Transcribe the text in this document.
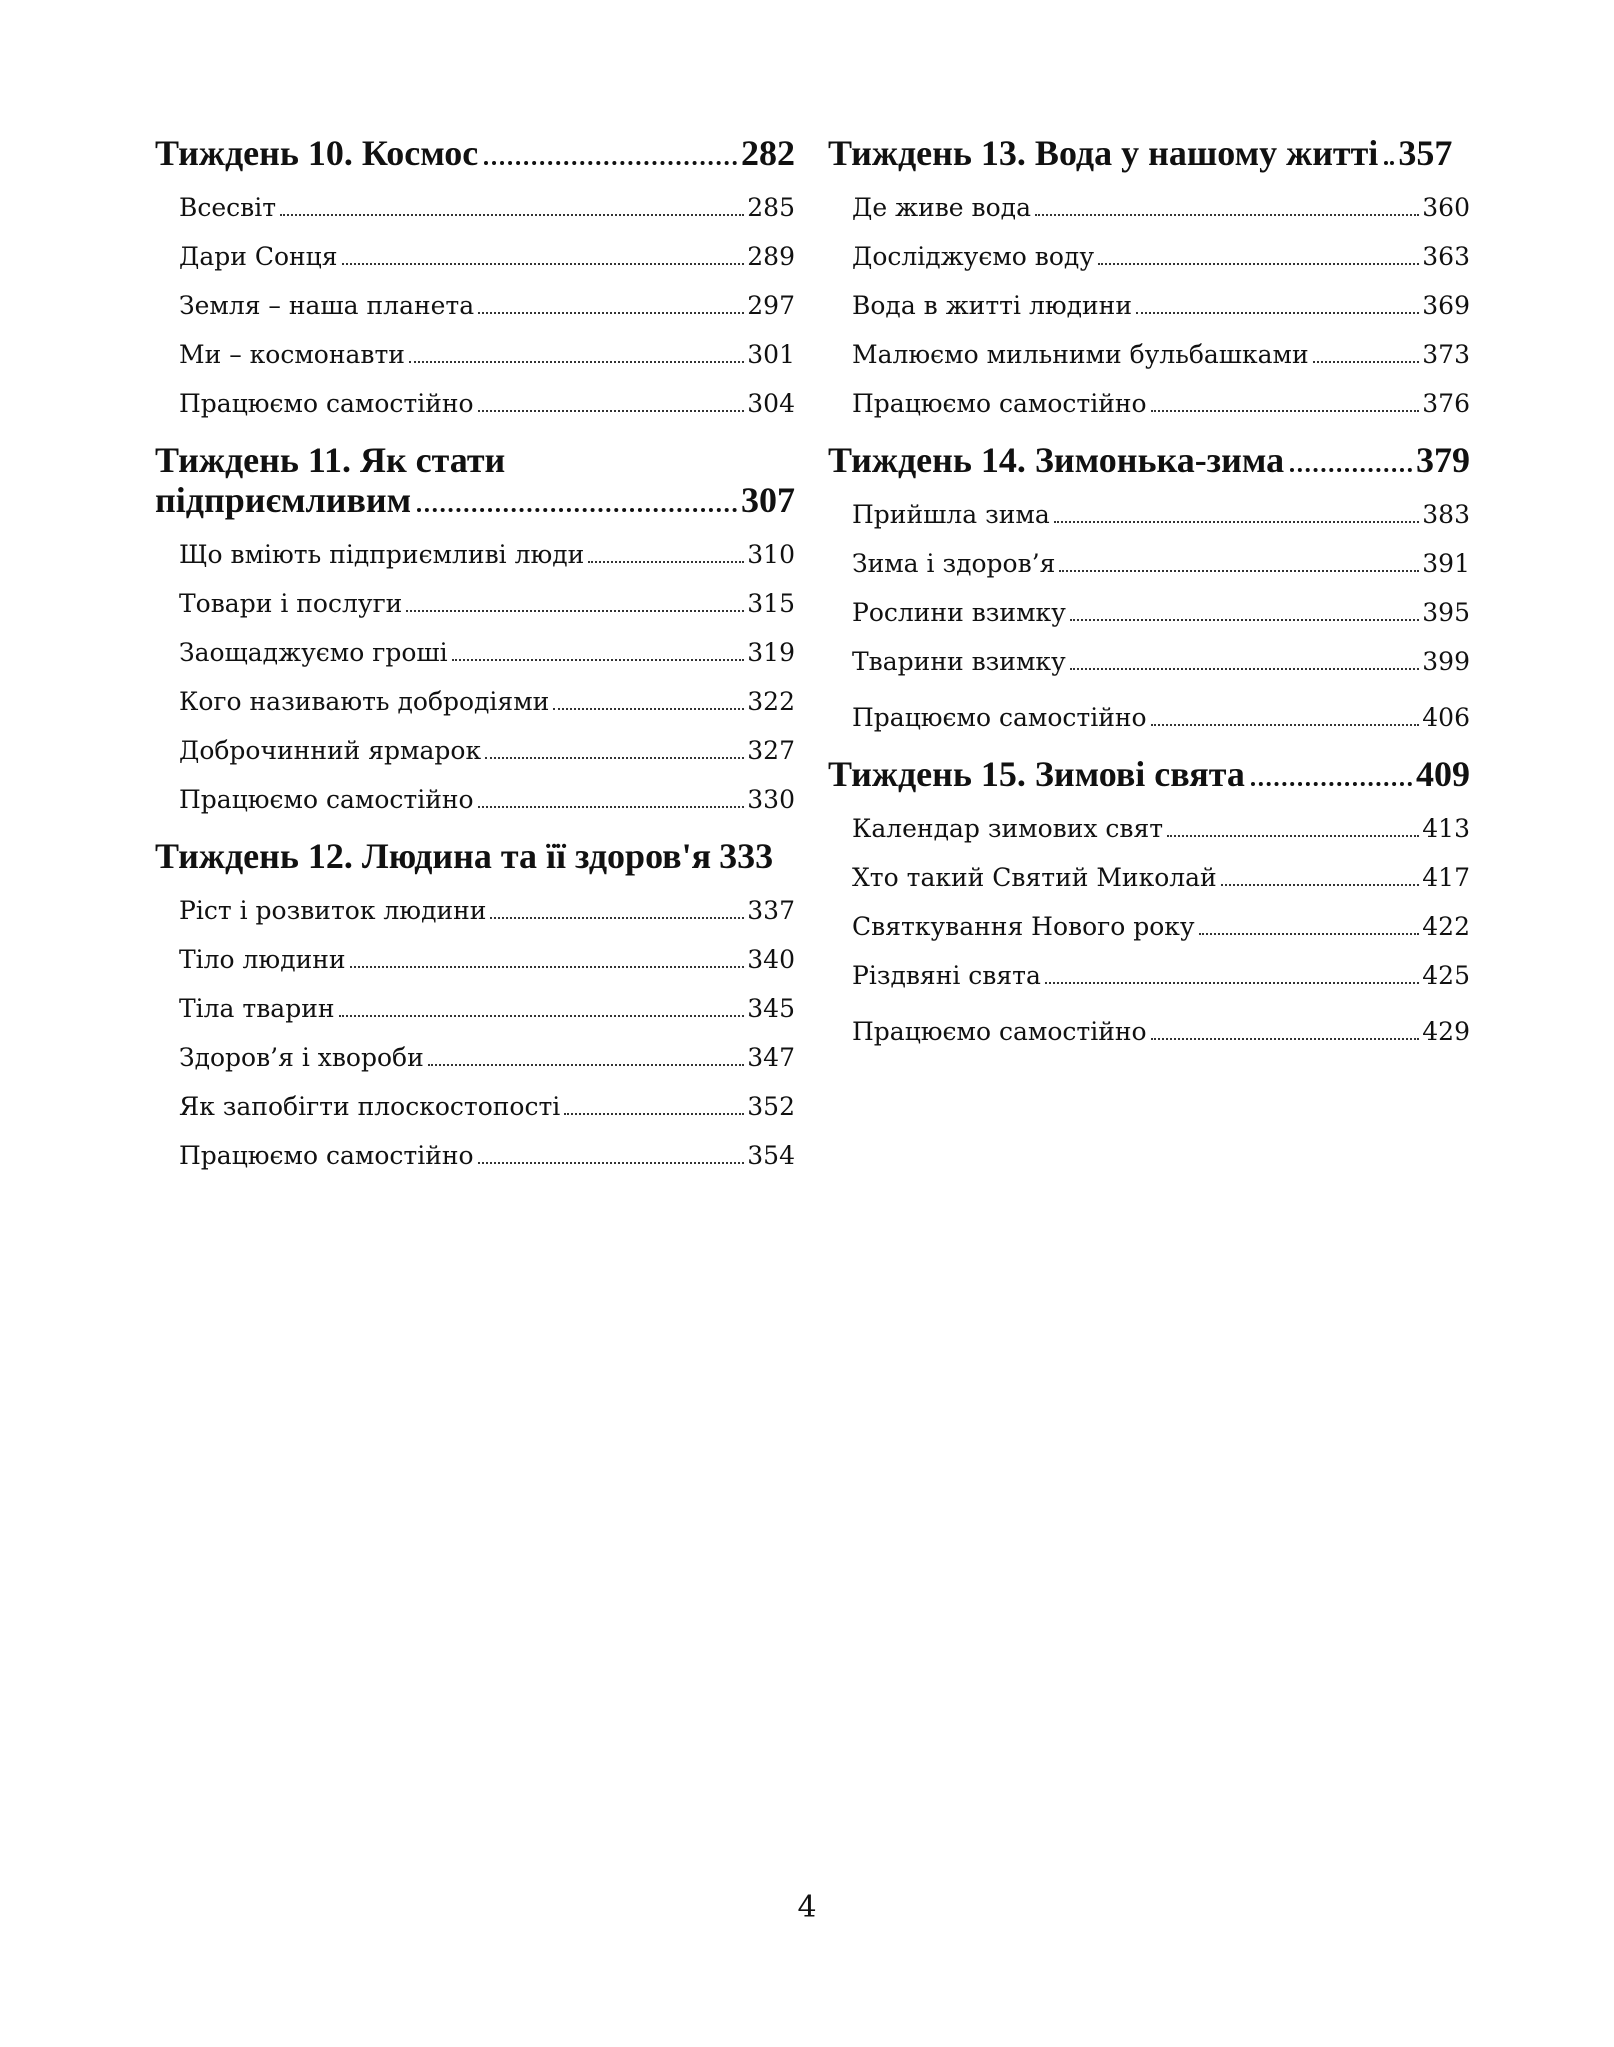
Тиждень 10. Космос	282
Всесвіт	285
Дари Сонця	289
Земля – наша планета	297
Ми – космонавти	301
Працюємо самостійно	304
Тиждень 11. Як стати
підприємливим	307
Що вміють підприємливі люди	310
Товари і послуги	315
Заощаджуємо гроші	319
Кого називають добродіями	322
Доброчинний ярмарок	327
Працюємо самостійно	330
Тиждень 12. Людина та її здоров'я 333
Ріст і розвиток людини	337
Тіло людини	340
Тіла тварин	345
Здоров’я і хвороби	347
Як запобігти плоскостопості	352
Працюємо самостійно	354
Тиждень 13. Вода у нашому житті 357
Де живе вода	360
Досліджуємо воду	363
Вода в житті людини	369
Малюємо мильними бульбашками	373
Працюємо самостійно	376
Тиждень 14. Зимонька-зима	379
Прийшла зима	383
Зима і здоров’я	391
Рослини взимку	395
Тварини взимку	399
Працюємо самостійно	406
Тиждень 15. Зимові свята	409
Календар зимових свят	413
Хто такий Святий Миколай	417
Святкування Нового року	422
Різдвяні свята	425
Працюємо самостійно	429
4
